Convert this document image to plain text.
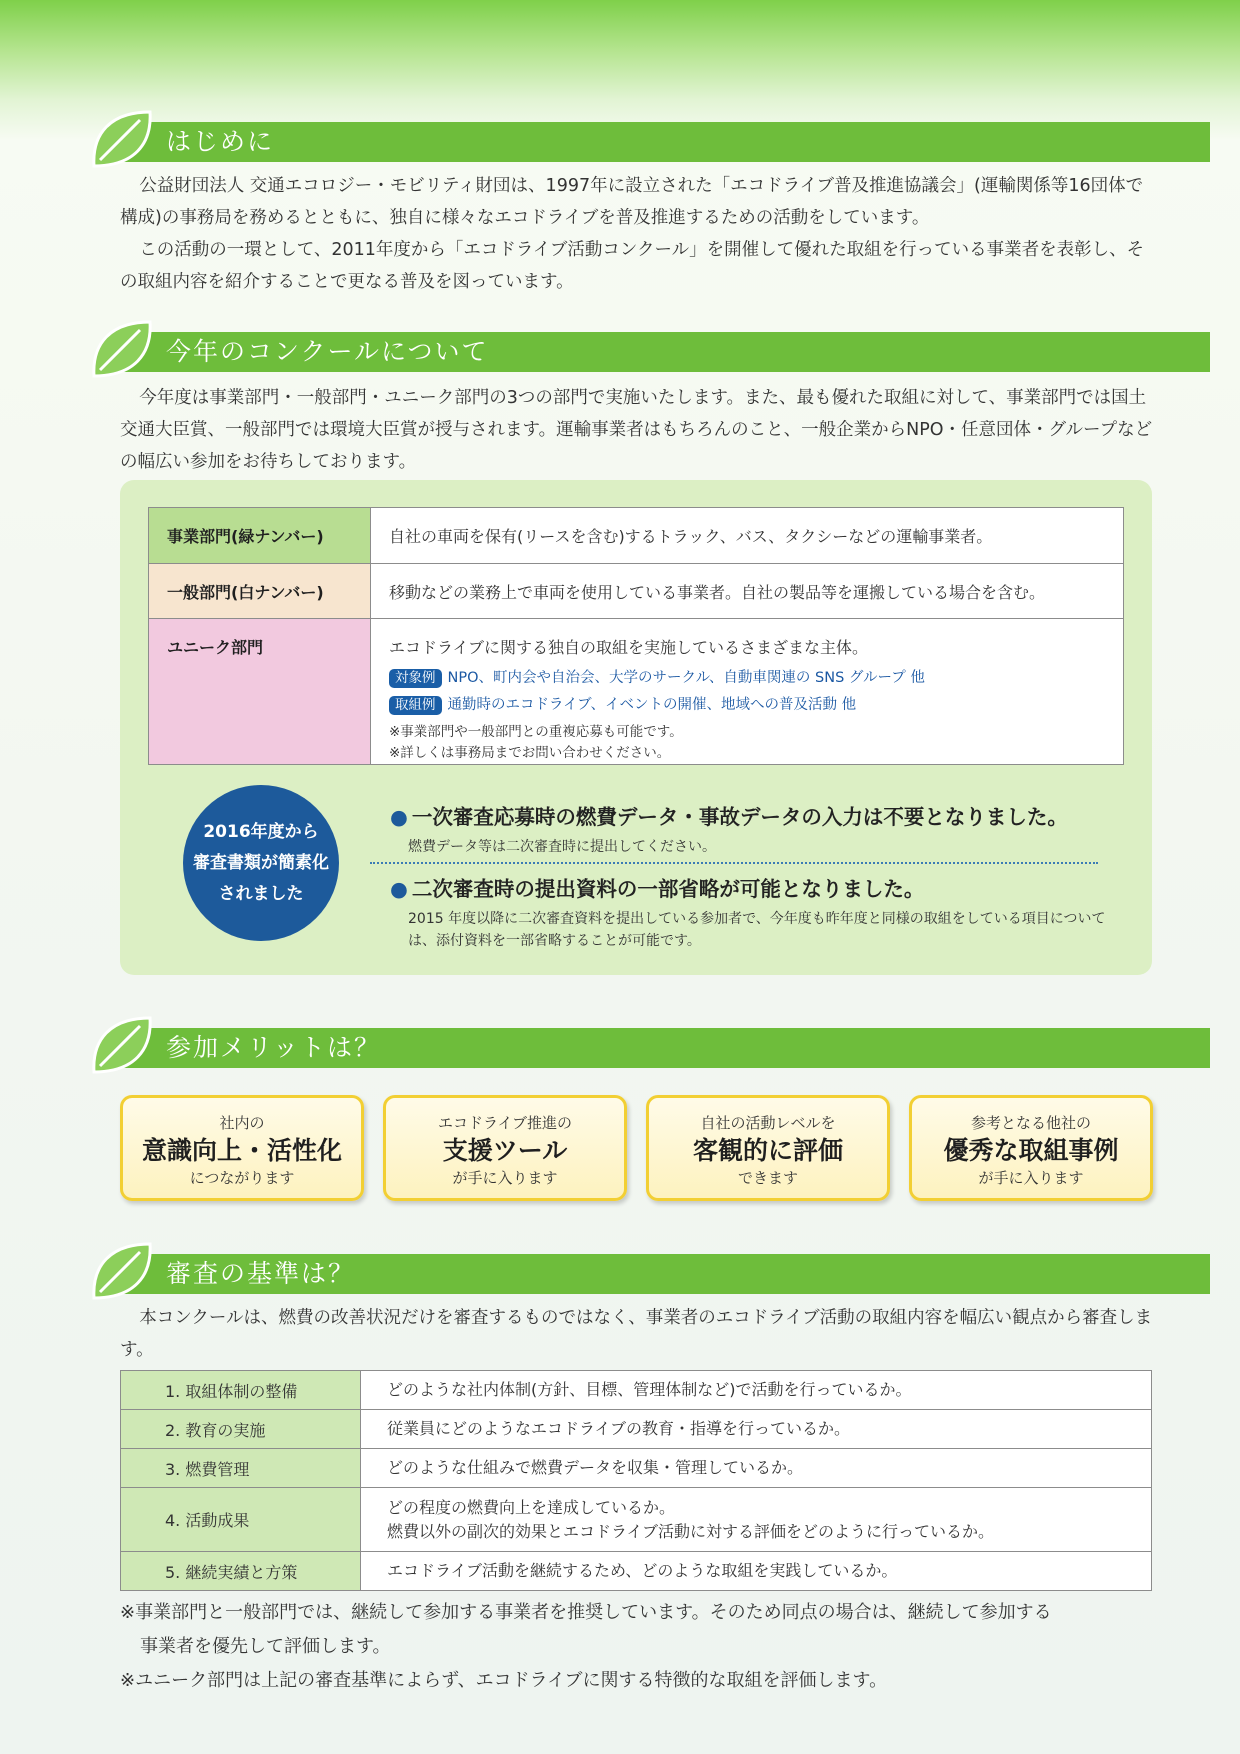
はじめに

公益財団法人 交通エコロジー・モビリティ財団は、1997年に設立された「エコドライブ普及推進協議会」(運輸関係等16団体で構成)の事務局を務めるとともに、独自に様々なエコドライブを普及推進するための活動をしています。

この活動の一環として、2011年度から「エコドライブ活動コンクール」を開催して優れた取組を行っている事業者を表彰し、その取組内容を紹介することで更なる普及を図っています。

今年のコンクールについて

今年度は事業部門・一般部門・ユニーク部門の3つの部門で実施いたします。また、最も優れた取組に対して、事業部門では国土交通大臣賞、一般部門では環境大臣賞が授与されます。運輸事業者はもちろんのこと、一般企業からNPO・任意団体・グループなどの幅広い参加をお待ちしております。

事業部門(緑ナンバー)	自社の車両を保有(リースを含む)するトラック、バス、タクシーなどの運輸事業者。
一般部門(白ナンバー)	移動などの業務上で車両を使用している事業者。自社の製品等を運搬している場合を含む。
ユニーク部門	エコドライブに関する独自の取組を実施しているさまざまな主体。
対象例 NPO、町内会や自治会、大学のサークル、自動車関連の SNS グループ 他
取組例 通勤時のエコドライブ、イベントの開催、地域への普及活動 他
※事業部門や一般部門との重複応募も可能です。
※詳しくは事務局までお問い合わせください。
2016年度から
審査書類が簡素化
されました
● 一次審査応募時の燃費データ・事故データの入力は不要となりました。
燃費データ等は二次審査時に提出してください。
● 二次審査時の提出資料の一部省略が可能となりました。
2015 年度以降に二次審査資料を提出している参加者で、今年度も昨年度と同様の取組をしている項目については、添付資料を一部省略することが可能です。
参加メリットは？
社内の
意識向上・活性化
につながります
エコドライブ推進の
支援ツール
が手に入ります
自社の活動レベルを
客観的に評価
できます
参考となる他社の
優秀な取組事例
が手に入ります
審査の基準は？

本コンクールは、燃費の改善状況だけを審査するものではなく、事業者のエコドライブ活動の取組内容を幅広い観点から審査します。

1. 取組体制の整備	どのような社内体制(方針、目標、管理体制など)で活動を行っているか。
2. 教育の実施	従業員にどのようなエコドライブの教育・指導を行っているか。
3. 燃費管理	どのような仕組みで燃費データを収集・管理しているか。
4. 活動成果	どの程度の燃費向上を達成しているか。
燃費以外の副次的効果とエコドライブ活動に対する評価をどのように行っているか。

5. 継続実績と方策	エコドライブ活動を継続するため、どのような取組を実践しているか。
※事業部門と一般部門では、継続して参加する事業者を推奨しています。そのため同点の場合は、継続して参加する
事業者を優先して評価します。
※ユニーク部門は上記の審査基準によらず、エコドライブに関する特徴的な取組を評価します。
